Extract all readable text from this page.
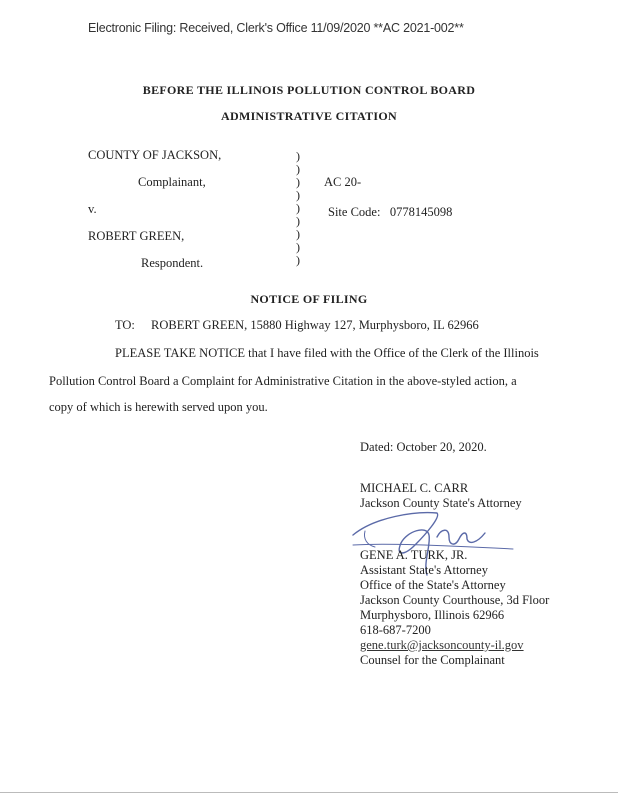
Electronic Filing: Received, Clerk's Office 11/09/2020 **AC 2021-002**
BEFORE THE ILLINOIS POLLUTION CONTROL BOARD
ADMINISTRATIVE CITATION
COUNTY OF JACKSON,
Complainant,
v.
ROBERT GREEN,
Respondent.
)
)
)
)
)
)
)
)
)
AC 20-
Site Code: 0778145098
NOTICE OF FILING
TO: ROBERT GREEN, 15880 Highway 127, Murphysboro, IL 62966
PLEASE TAKE NOTICE that I have filed with the Office of the Clerk of the Illinois
Pollution Control Board a Complaint for Administrative Citation in the above-styled action, a
copy of which is herewith served upon you.
Dated: October 20, 2020.
MICHAEL C. CARR
Jackson County State's Attorney
GENE A. TURK, JR.
Assistant State's Attorney
Office of the State's Attorney
Jackson County Courthouse, 3d Floor
Murphysboro, Illinois 62966
618-687-7200
gene.turk@jacksoncounty-il.gov
Counsel for the Complainant
